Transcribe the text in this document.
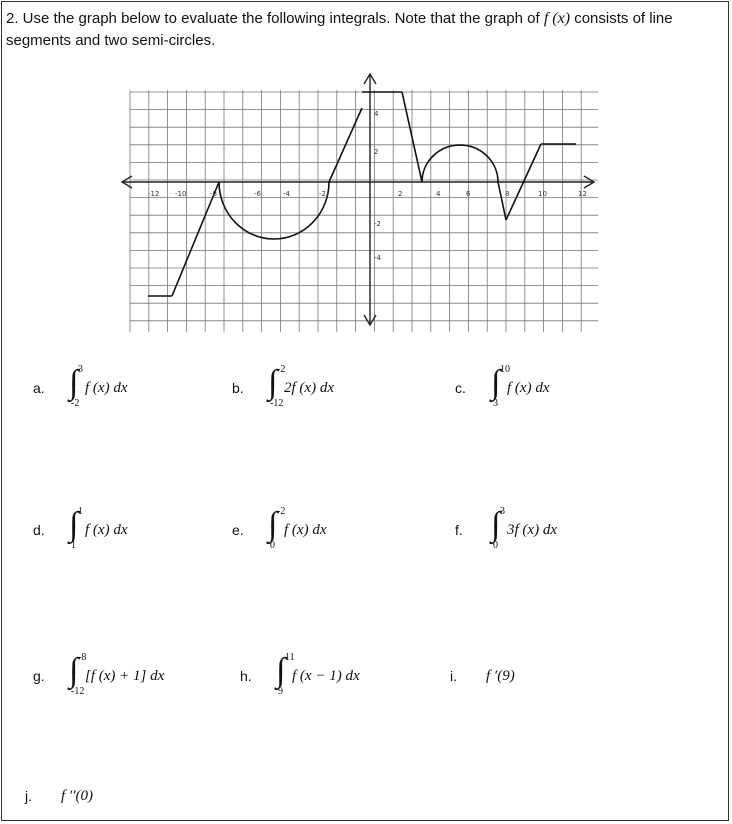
2. Use the graph below to evaluate the following integrals. Note that the graph of f (x) consists of line segments and two semi-circles.
-12 -10	-8	-6	-4	-2	2	4	6	8	10	12
4
2
-2
-4
a. ∫ 3
-2
f (x) dx	b. ∫ -2
-12
2f (x) dx	c. ∫ 10
3
f (x) dx
d. ∫ 1
1
f (x) dx	e. ∫ -2
0
f (x) dx	f. ∫ 3
0
3f (x) dx
g. ∫ -8
-12
[f (x) + 1] dx	h. ∫ 11
9
f (x − 1) dx	i. f ′(9)
j. f ′′(0)
